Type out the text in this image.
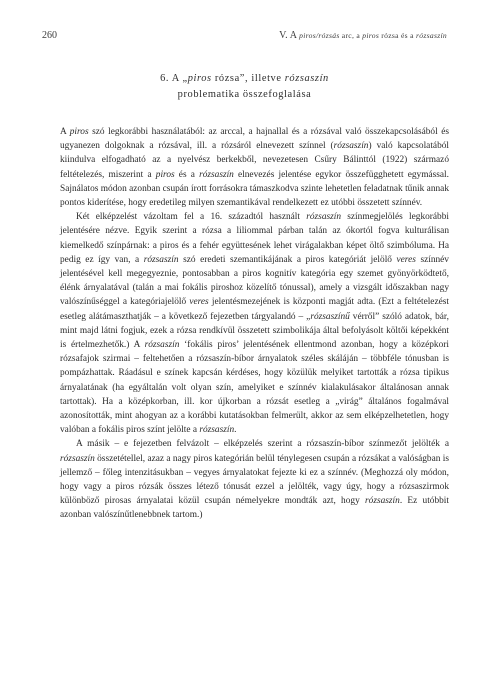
260	V. A piros/rózsás arc, a piros rózsa és a rózsaszín
6. A „piros rózsa”, illetve rózsaszín
problematika összefoglalása

A piros szó legkorábbi használatából: az arccal, a hajnallal és a rózsával való összekapcsolásából és ugyanezen dolgoknak a rózsával, ill. a rózsáról elnevezett színnel (rózsaszín) való kapcsolatából kiindulva elfogadható az a nyelvész berkekből, nevezetesen Csűry Bálinttól (1922) származó feltételezés, miszerint a piros és a rózsaszín elnevezés jelentése egykor összefügghetett egymással. Sajnálatos módon azonban csupán írott forrásokra támaszkodva szinte lehetetlen feladatnak tűnik annak pontos kiderítése, hogy eredetileg milyen szemantikával rendelkezett ez utóbbi összetett színnév.

Két elképzelést vázoltam fel a 16. századtól használt rózsaszín színmegjelölés legkorábbi jelentésére nézve. Egyik szerint a rózsa a liliommal párban talán az ókortól fogva kulturálisan kiemelkedő színpárnak: a piros és a fehér együttesének lehet virágalakban képet öltő szimbóluma. Ha pedig ez így van, a rózsaszín szó eredeti szemantikájának a piros kategóriát jelölő veres színnév jelentésével kell megegyeznie, pontosabban a piros kognitív kategória egy szemet gyönyörködtető, élénk árnyalatával (talán a mai fokális piroshoz közelítő tónussal), amely a vizsgált időszakban nagy valószínűséggel a kategóriajelölő veres jelentésmezejének is központi magját adta. (Ezt a feltételezést esetleg alátámaszthatják – a következő fejezetben tárgyalandó – „rózsaszínű vérről” szóló adatok, bár, mint majd látni fogjuk, ezek a rózsa rendkívül összetett szimbolikája által befolyásolt költői képekként is értelmezhetők.) A rózsaszín ‘fokális piros’ jelentésének ellentmond azonban, hogy a középkori rózsafajok szirmai – feltehetően a rózsaszín-bíbor árnyalatok széles skáláján – többféle tónusban is pompázhattak. Ráadásul e színek kapcsán kérdéses, hogy közülük melyiket tartották a rózsa tipikus árnyalatának (ha egyáltalán volt olyan szín, amelyiket e színnév kialakulásakor általánosan annak tartottak). Ha a középkorban, ill. kor újkorban a rózsát esetleg a „virág” általános fogalmával azonosították, mint ahogyan az a korábbi kutatásokban felmerült, akkor az sem elképzelhetetlen, hogy valóban a fokális piros színt jelölte a rózsaszín.

A másik – e fejezetben felvázolt – elképzelés szerint a rózsaszín-bíbor színmezőt jelölték a rózsaszín összetétellel, azaz a nagy piros kategórián belül ténylegesen csupán a rózsákat a valóságban is jellemző – főleg intenzitásukban – vegyes árnyalatokat fejezte ki ez a színnév. (Meghozzá oly módon, hogy vagy a piros rózsák összes létező tónusát ezzel a jelölték, vagy úgy, hogy a rózsaszirmok különböző pirosas árnyalatai közül csupán némelyekre mondták azt, hogy rózsaszín. Ez utóbbit azonban valószínűtlenebbnek tartom.)
